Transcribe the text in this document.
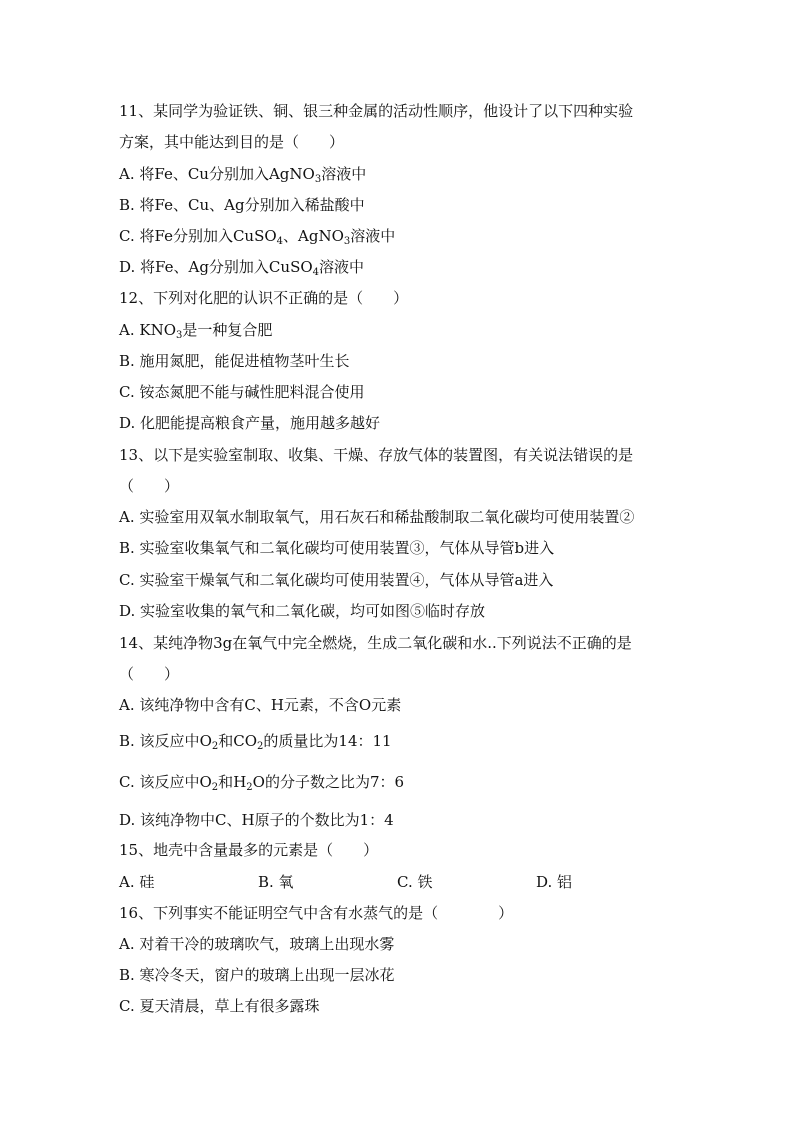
11、某同学为验证铁、铜、银三种金属的活动性顺序，他设计了以下四种实验
方案，其中能达到目的是（　　）
A. 将Fe、Cu分别加入AgNO$_3$溶液中
B. 将Fe、Cu、Ag分别加入稀盐酸中
C. 将Fe分别加入CuSO$_4$、AgNO$_3$溶液中
D. 将Fe、Ag分别加入CuSO$_4$溶液中
12、下列对化肥的认识不正确的是（　　）
A. $KNO_3$是一种复合肥
B. 施用氮肥，能促进植物茎叶生长
C. 铵态氮肥不能与碱性肥料混合使用
D. 化肥能提高粮食产量，施用越多越好
13、以下是实验室制取、收集、干燥、存放气体的装置图，有关说法错误的是
（　　）
A. 实验室用双氧水制取氧气，用石灰石和稀盐酸制取二氧化碳均可使用装置②
B. 实验室收集氧气和二氧化碳均可使用装置③，气体从导管b进入
C. 实验室干燥氧气和二氧化碳均可使用装置④，气体从导管a进入
D. 实验室收集的氧气和二氧化碳，均可如图⑤临时存放
14、某纯净物3g在氧气中完全燃烧，生成二氧化碳和水..下列说法不正确的是
（　　）
A. 该纯净物中含有C、H元素，不含O元素
B. 该反应中$O_2$和$CO_2$的质量比为14：11
C. 该反应中$O_2$和$H_2O$的分子数之比为7：6
D. 该纯净物中C、H原子的个数比为1：4
15、地壳中含量最多的元素是（　　）
A. 硅	B. 氧	C. 铁	D. 铝
16、下列事实不能证明空气中含有水蒸气的是（　　　　）
A. 对着干冷的玻璃吹气，玻璃上出现水雾
B. 寒冷冬天，窗户的玻璃上出现一层冰花
C. 夏天清晨，草上有很多露珠
